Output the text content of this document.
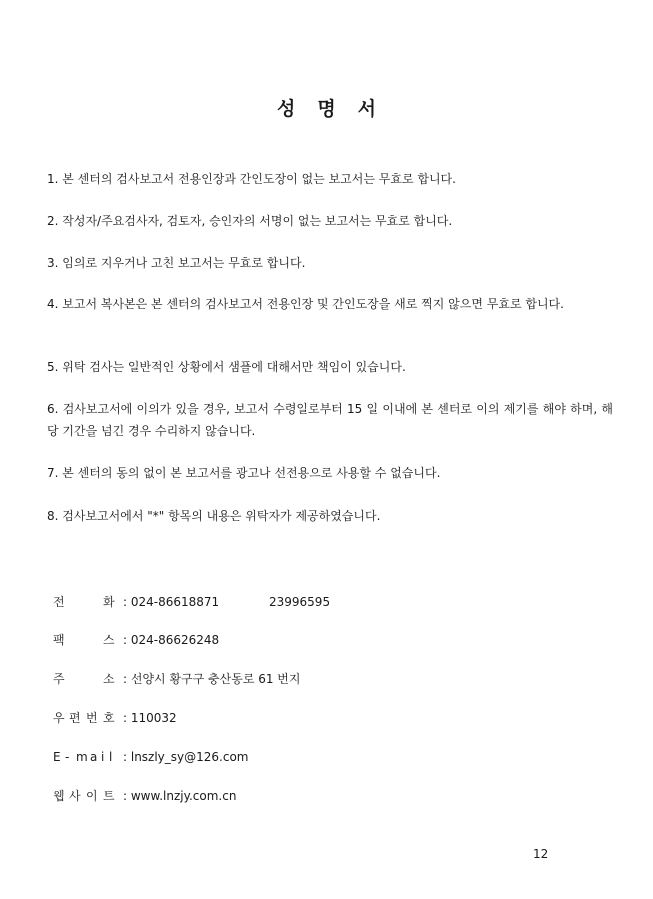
성 명 서
1. 본 센터의 검사보고서 전용인장과 간인도장이 없는 보고서는 무효로 합니다.
2. 작성자/주요검사자, 검토자, 승인자의 서명이 없는 보고서는 무효로 합니다.
3. 임의로 지우거나 고친 보고서는 무효로 합니다.
4. 보고서 복사본은 본 센터의 검사보고서 전용인장 및 간인도장을 새로 찍지 않으면 무효로 합니다.
5. 위탁 검사는 일반적인 상황에서 샘플에 대해서만 책임이 있습니다.
6. 검사보고서에 이의가 있을 경우, 보고서 수령일로부터 15 일 이내에 본 센터로 이의 제기를 해야 하며, 해당 기간을 넘긴 경우 수리하지 않습니다.
7. 본 센터의 동의 없이 본 보고서를 광고나 선전용으로 사용할 수 없습니다.
8. 검사보고서에서 "*" 항목의 내용은 위탁자가 제공하였습니다.
전	화 : 024-86618871	23996595
팩	스 : 024-86626248
주	소 : 선양시 황구구 충산동로 61 번지
우 편 번 호 : 110032
E - m a i l : lnszly_sy@126.com
웹 사 이 트 : www.lnzjy.com.cn
12
